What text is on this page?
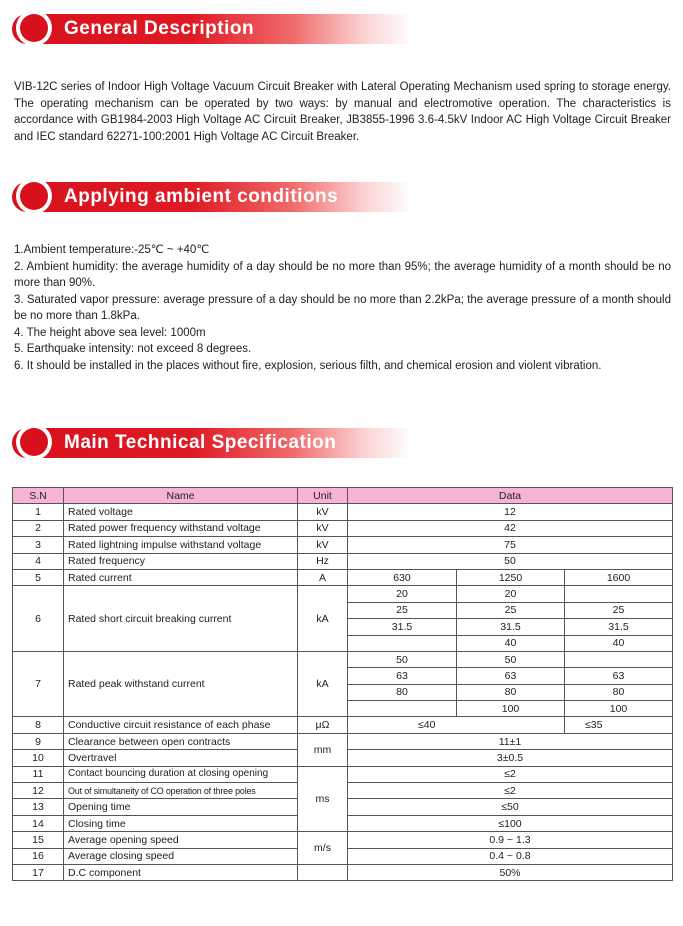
General Description
VIB-12C series of Indoor High Voltage Vacuum Circuit Breaker with Lateral Operating Mechanism used spring to storage energy. The operating mechanism can be operated by two ways: by manual and electromotive operation. The characteristics is accordance with GB1984-2003 High Voltage AC Circuit Breaker, JB3855-1996 3.6-4.5kV Indoor AC High Voltage Circuit Breaker and IEC standard 62271-100:2001 High Voltage AC Circuit Breaker.
Applying ambient conditions
1.Ambient temperature:-25℃ ~ +40℃
2. Ambient humidity: the average humidity of a day should be no more than 95%; the average humidity of a month should be no more than 90%.
3. Saturated vapor pressure: average pressure of a day should be no more than 2.2kPa; the average pressure of a month should be no more than 1.8kPa.
4. The height above sea level: 1000m
5. Earthquake intensity: not exceed 8 degrees.
6. It should be installed in the places without fire, explosion, serious filth, and chemical erosion and violent vibration.
Main Technical Specification
S.N	Name	Unit	Data		
1	Rated voltage	kV	12		
2	Rated power frequency withstand voltage	kV	42		
3	Rated lightning impulse withstand voltage	kV	75		
4	Rated frequency	Hz	50		
5	Rated current	A	630	1250	1600
6	Rated short circuit breaking current	kA	20	20	
			25	25	25
			31.5	31.5	31.5
				40	40
7	Rated peak withstand current	kA	50	50	
			63	63	63
			80	80	80
				100	100
8	Conductive circuit resistance of each phase	μΩ	≤40		≤35
9	Clearance between open contracts	mm	11±1		
10	Overtravel		3±0.5		
11	Contact bouncing duration at closing opening	ms	≤2		
12	Out of simultaneity of CO operation of three poles		≤2		
13	Opening time		≤50		
14	Closing time		≤100		
15	Average opening speed	m/s	0.9 ~ 1.3		
16	Average closing speed		0.4 ~ 0.8		
17	D.C component		50%		
